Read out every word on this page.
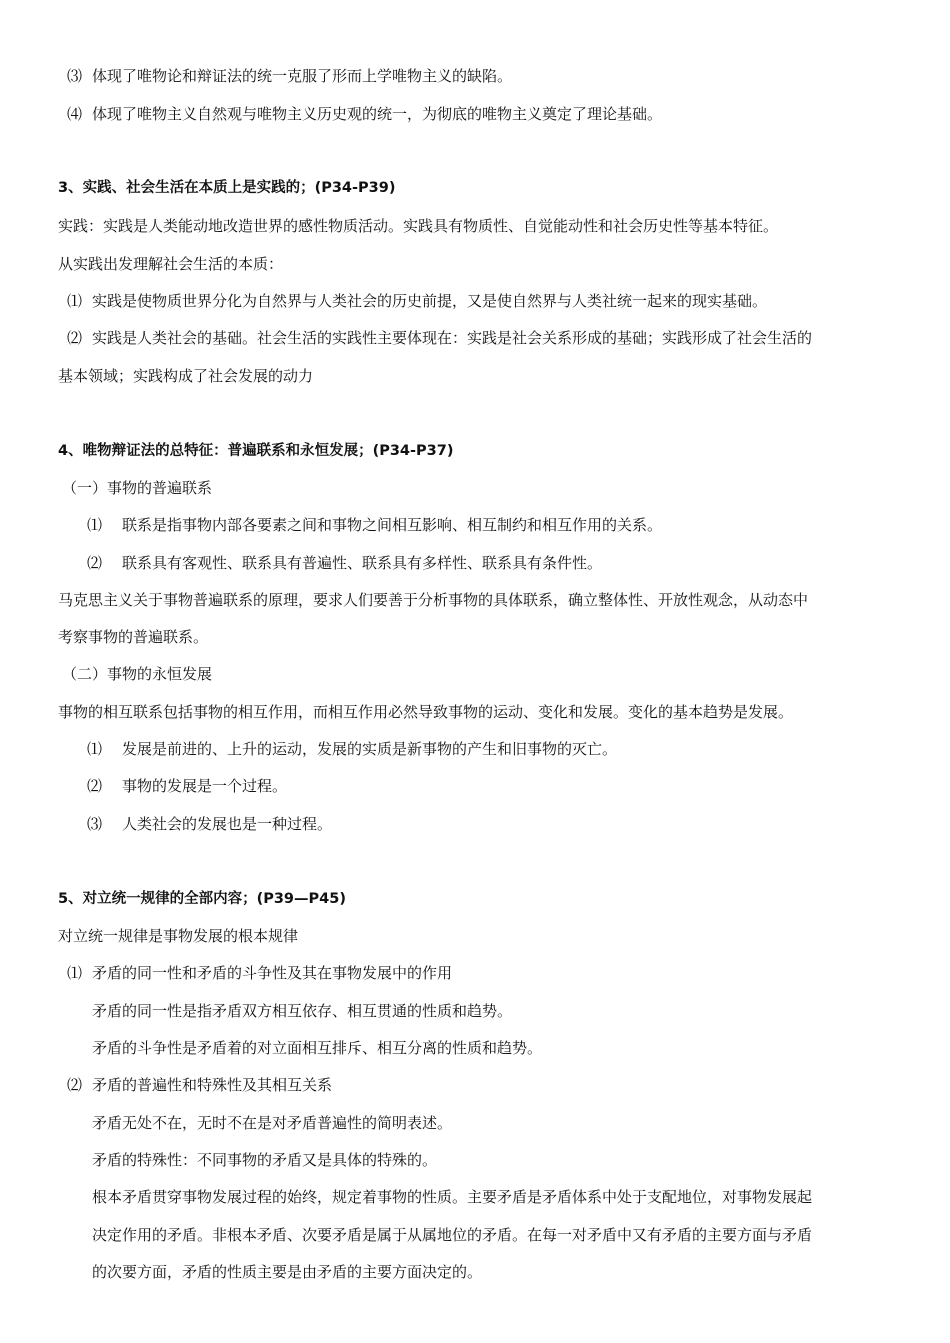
⑶ 体现了唯物论和辩证法的统一克服了形而上学唯物主义的缺陷。
⑷ 体现了唯物主义自然观与唯物主义历史观的统一，为彻底的唯物主义奠定了理论基础。
3、实践、社会生活在本质上是实践的；(P34-P39)
实践：实践是人类能动地改造世界的感性物质活动。实践具有物质性、自觉能动性和社会历史性等基本特征。
从实践出发理解社会生活的本质：
⑴ 实践是使物质世界分化为自然界与人类社会的历史前提，又是使自然界与人类社统一起来的现实基础。
⑵ 实践是人类社会的基础。社会生活的实践性主要体现在：实践是社会关系形成的基础；实践形成了社会生活的
基本领域；实践构成了社会发展的动力
4、唯物辩证法的总特征：普遍联系和永恒发展；(P34-P37)
（一）事物的普遍联系
⑴ 联系是指事物内部各要素之间和事物之间相互影响、相互制约和相互作用的关系。
⑵ 联系具有客观性、联系具有普遍性、联系具有多样性、联系具有条件性。
马克思主义关于事物普遍联系的原理，要求人们要善于分析事物的具体联系，确立整体性、开放性观念，从动态中
考察事物的普遍联系。
（二）事物的永恒发展
事物的相互联系包括事物的相互作用，而相互作用必然导致事物的运动、变化和发展。变化的基本趋势是发展。
⑴ 发展是前进的、上升的运动，发展的实质是新事物的产生和旧事物的灭亡。
⑵ 事物的发展是一个过程。
⑶ 人类社会的发展也是一种过程。
5、对立统一规律的全部内容；(P39—P45)
对立统一规律是事物发展的根本规律
⑴ 矛盾的同一性和矛盾的斗争性及其在事物发展中的作用
矛盾的同一性是指矛盾双方相互依存、相互贯通的性质和趋势。
矛盾的斗争性是矛盾着的对立面相互排斥、相互分离的性质和趋势。
⑵ 矛盾的普遍性和特殊性及其相互关系
矛盾无处不在，无时不在是对矛盾普遍性的简明表述。
矛盾的特殊性：不同事物的矛盾又是具体的特殊的。
根本矛盾贯穿事物发展过程的始终，规定着事物的性质。主要矛盾是矛盾体系中处于支配地位，对事物发展起
决定作用的矛盾。非根本矛盾、次要矛盾是属于从属地位的矛盾。在每一对矛盾中又有矛盾的主要方面与矛盾
的次要方面，矛盾的性质主要是由矛盾的主要方面决定的。
